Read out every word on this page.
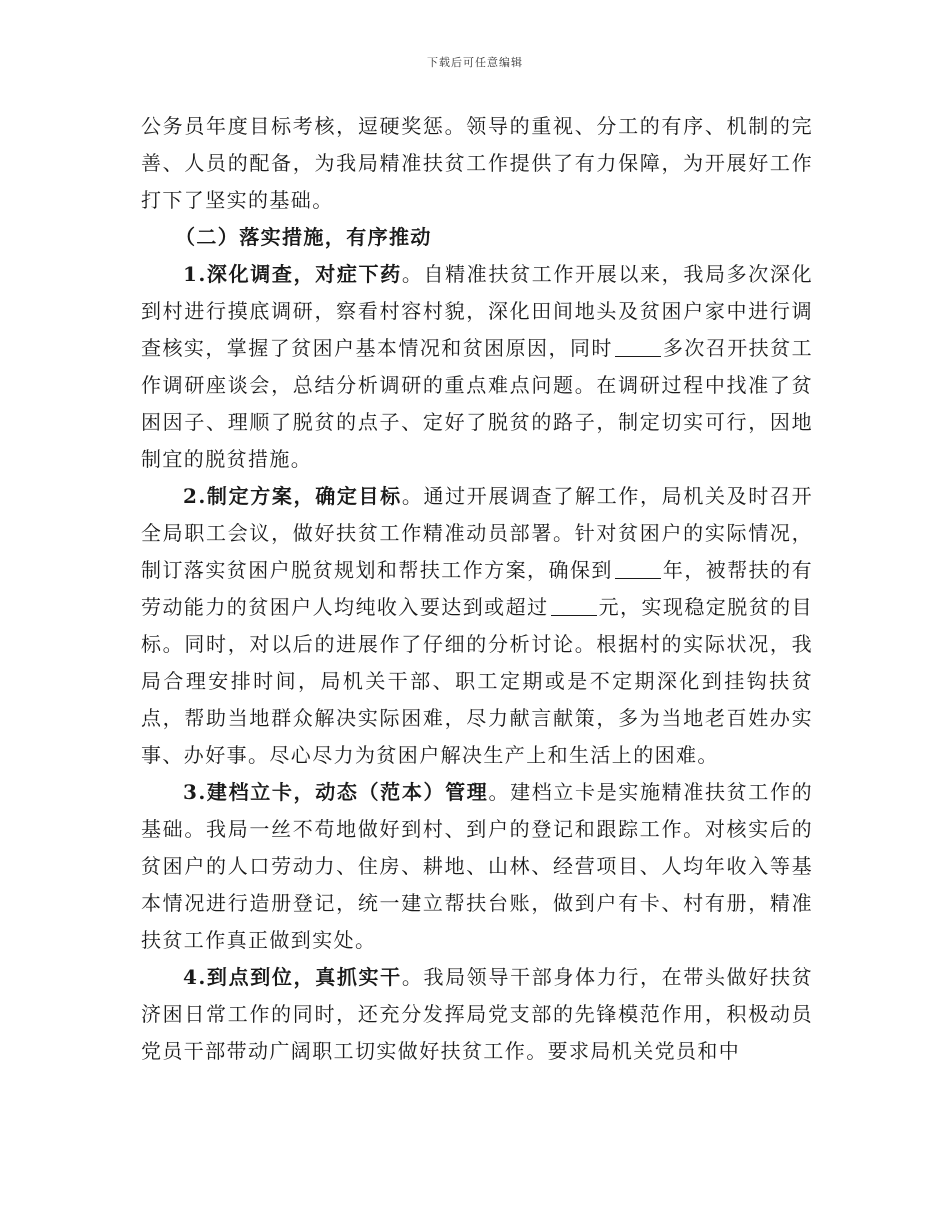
下载后可任意编辑

公务员年度目标考核，逗硬奖惩。领导的重视、分工的有序、机制的完善、人员的配备，为我局精准扶贫工作提供了有力保障，为开展好工作打下了坚实的基础。

（二）落实措施，有序推动

1.深化调查，对症下药。自精准扶贫工作开展以来，我局多次深化到村进行摸底调研，察看村容村貌，深化田间地头及贫困户家中进行调查核实，掌握了贫困户基本情况和贫困原因，同时	多次召开扶贫工作调研座谈会，总结分析调研的重点难点问题。在调研过程中找准了贫困因子、理顺了脱贫的点子、定好了脱贫的路子，制定切实可行，因地制宜的脱贫措施。

2.制定方案，确定目标。通过开展调查了解工作，局机关及时召开全局职工会议，做好扶贫工作精准动员部署。针对贫困户的实际情况，制订落实贫困户脱贫规划和帮扶工作方案，确保到	年，被帮扶的有劳动能力的贫困户人均纯收入要达到或超过	元，实现稳定脱贫的目标。同时，对以后的进展作了仔细的分析讨论。根据村的实际状况，我局合理安排时间，局机关干部、职工定期或是不定期深化到挂钩扶贫点，帮助当地群众解决实际困难，尽力献言献策，多为当地老百姓办实事、办好事。尽心尽力为贫困户解决生产上和生活上的困难。

3.建档立卡，动态（范本）管理。建档立卡是实施精准扶贫工作的基础。我局一丝不苟地做好到村、到户的登记和跟踪工作。对核实后的贫困户的人口劳动力、住房、耕地、山林、经营项目、人均年收入等基本情况进行造册登记，统一建立帮扶台账，做到户有卡、村有册，精准扶贫工作真正做到实处。

4.到点到位，真抓实干。我局领导干部身体力行，在带头做好扶贫济困日常工作的同时，还充分发挥局党支部的先锋模范作用，积极动员党员干部带动广阔职工切实做好扶贫工作。要求局机关党员和中
